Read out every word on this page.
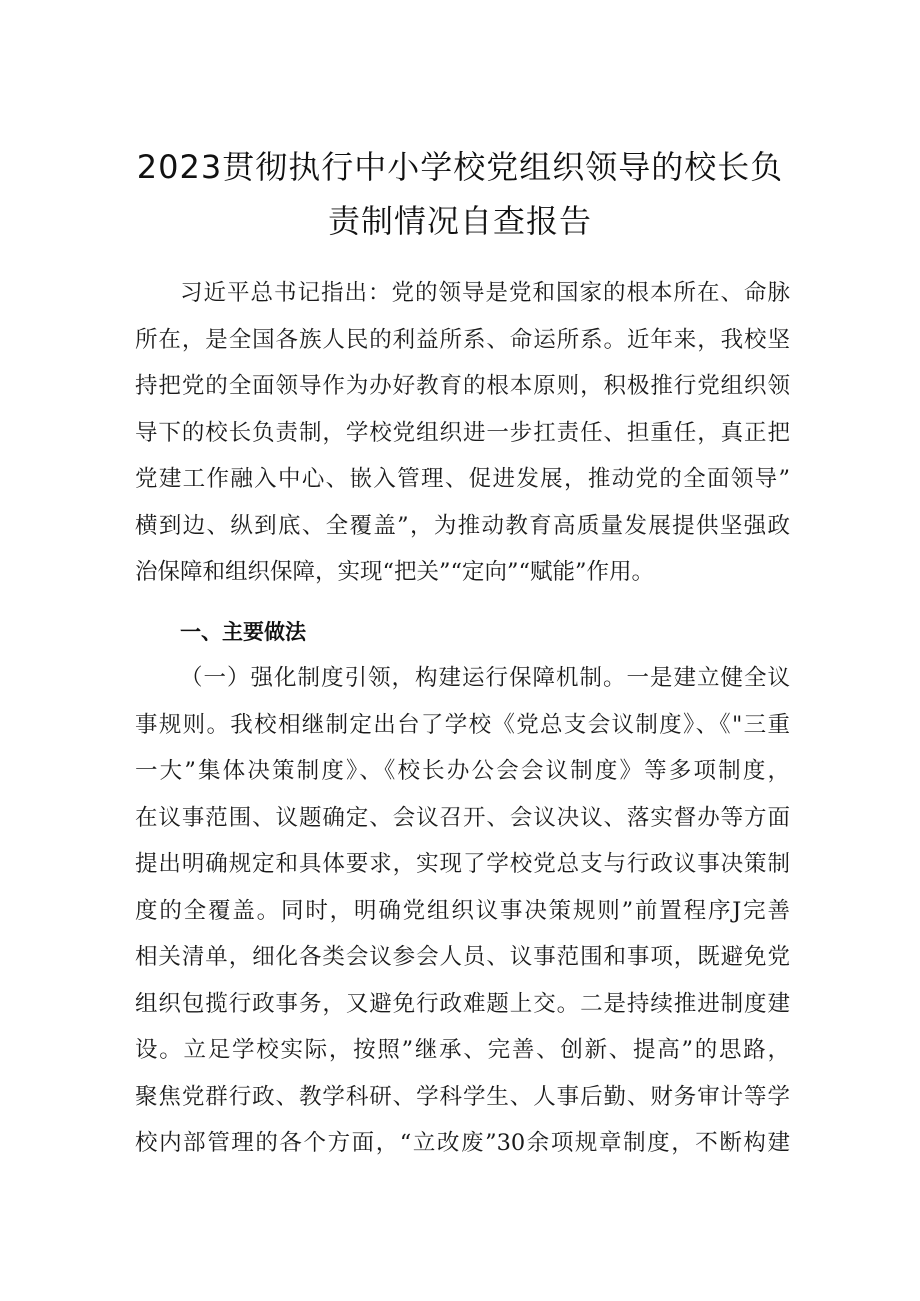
2023贯彻执行中小学校党组织领导的校长负
责制情况自查报告
习近平总书记指出：党的领导是党和国家的根本所在、命脉
所在，是全国各族人民的利益所系、命运所系。近年来，我校坚
持把党的全面领导作为办好教育的根本原则，积极推行党组织领
导下的校长负责制，学校党组织进一步扛责任、担重任，真正把
党建工作融入中心、嵌入管理、促进发展，推动党的全面领导”
横到边、纵到底、全覆盖”，为推动教育高质量发展提供坚强政
治保障和组织保障，实现“把关”“定向”“赋能”作用。
一、主要做法
（一）强化制度引领，构建运行保障机制。一是建立健全议
事规则。我校相继制定出台了学校《党总支会议制度》、《"三重
一大”集体决策制度》、《校长办公会会议制度》等多项制度，
在议事范围、议题确定、会议召开、会议决议、落实督办等方面
提出明确规定和具体要求，实现了学校党总支与行政议事决策制
度的全覆盖。同时，明确党组织议事决策规则”前置程序J完善
相关清单，细化各类会议参会人员、议事范围和事项，既避免党
组织包揽行政事务，又避免行政难题上交。二是持续推进制度建
设。立足学校实际，按照”继承、完善、创新、提高”的思路，
聚焦党群行政、教学科研、学科学生、人事后勤、财务审计等学
校内部管理的各个方面，“立改废”30余项规章制度，不断构建
